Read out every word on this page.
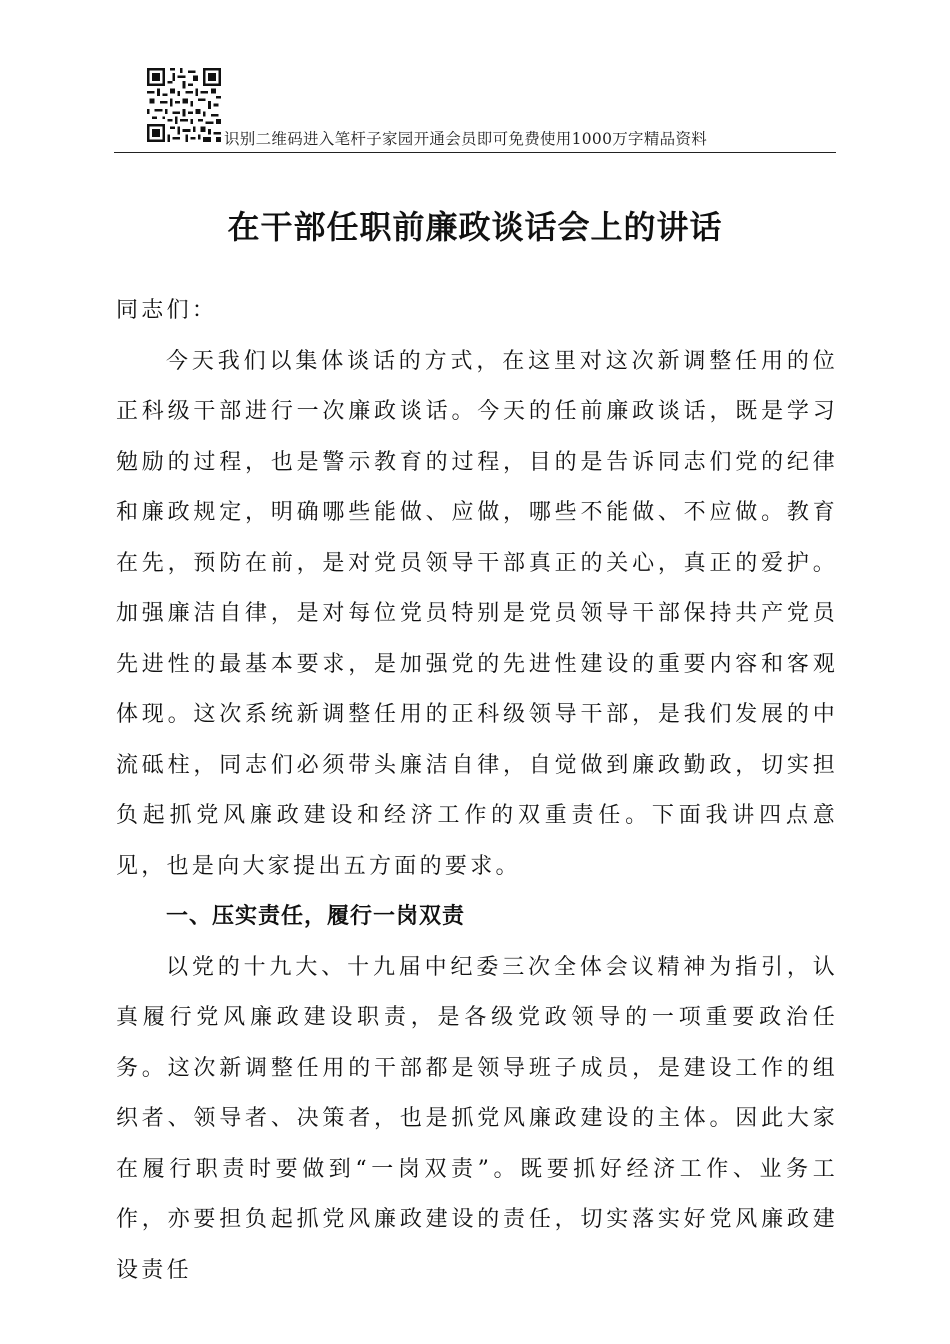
识别二维码进入笔杆子家园开通会员即可免费使用1000万字精品资料
在干部任职前廉政谈话会上的讲话

同志们：

今天我们以集体谈话的方式，在这里对这次新调整任用的位正科级干部进行一次廉政谈话。今天的任前廉政谈话，既是学习勉励的过程，也是警示教育的过程，目的是告诉同志们党的纪律和廉政规定，明确哪些能做、应做，哪些不能做、不应做。教育在先，预防在前，是对党员领导干部真正的关心，真正的爱护。加强廉洁自律，是对每位党员特别是党员领导干部保持共产党员先进性的最基本要求，是加强党的先进性建设的重要内容和客观体现。这次系统新调整任用的正科级领导干部，是我们发展的中流砥柱，同志们必须带头廉洁自律，自觉做到廉政勤政，切实担负起抓党风廉政建设和经济工作的双重责任。下面我讲四点意见，也是向大家提出五方面的要求。

一、压实责任，履行一岗双责

以党的十九大、十九届中纪委三次全体会议精神为指引，认真履行党风廉政建设职责，是各级党政领导的一项重要政治任务。这次新调整任用的干部都是领导班子成员，是建设工作的组织者、领导者、决策者，也是抓党风廉政建设的主体。因此大家在履行职责时要做到“一岗双责”。既要抓好经济工作、业务工作，亦要担负起抓党风廉政建设的责任，切实落实好党风廉政建设责任
